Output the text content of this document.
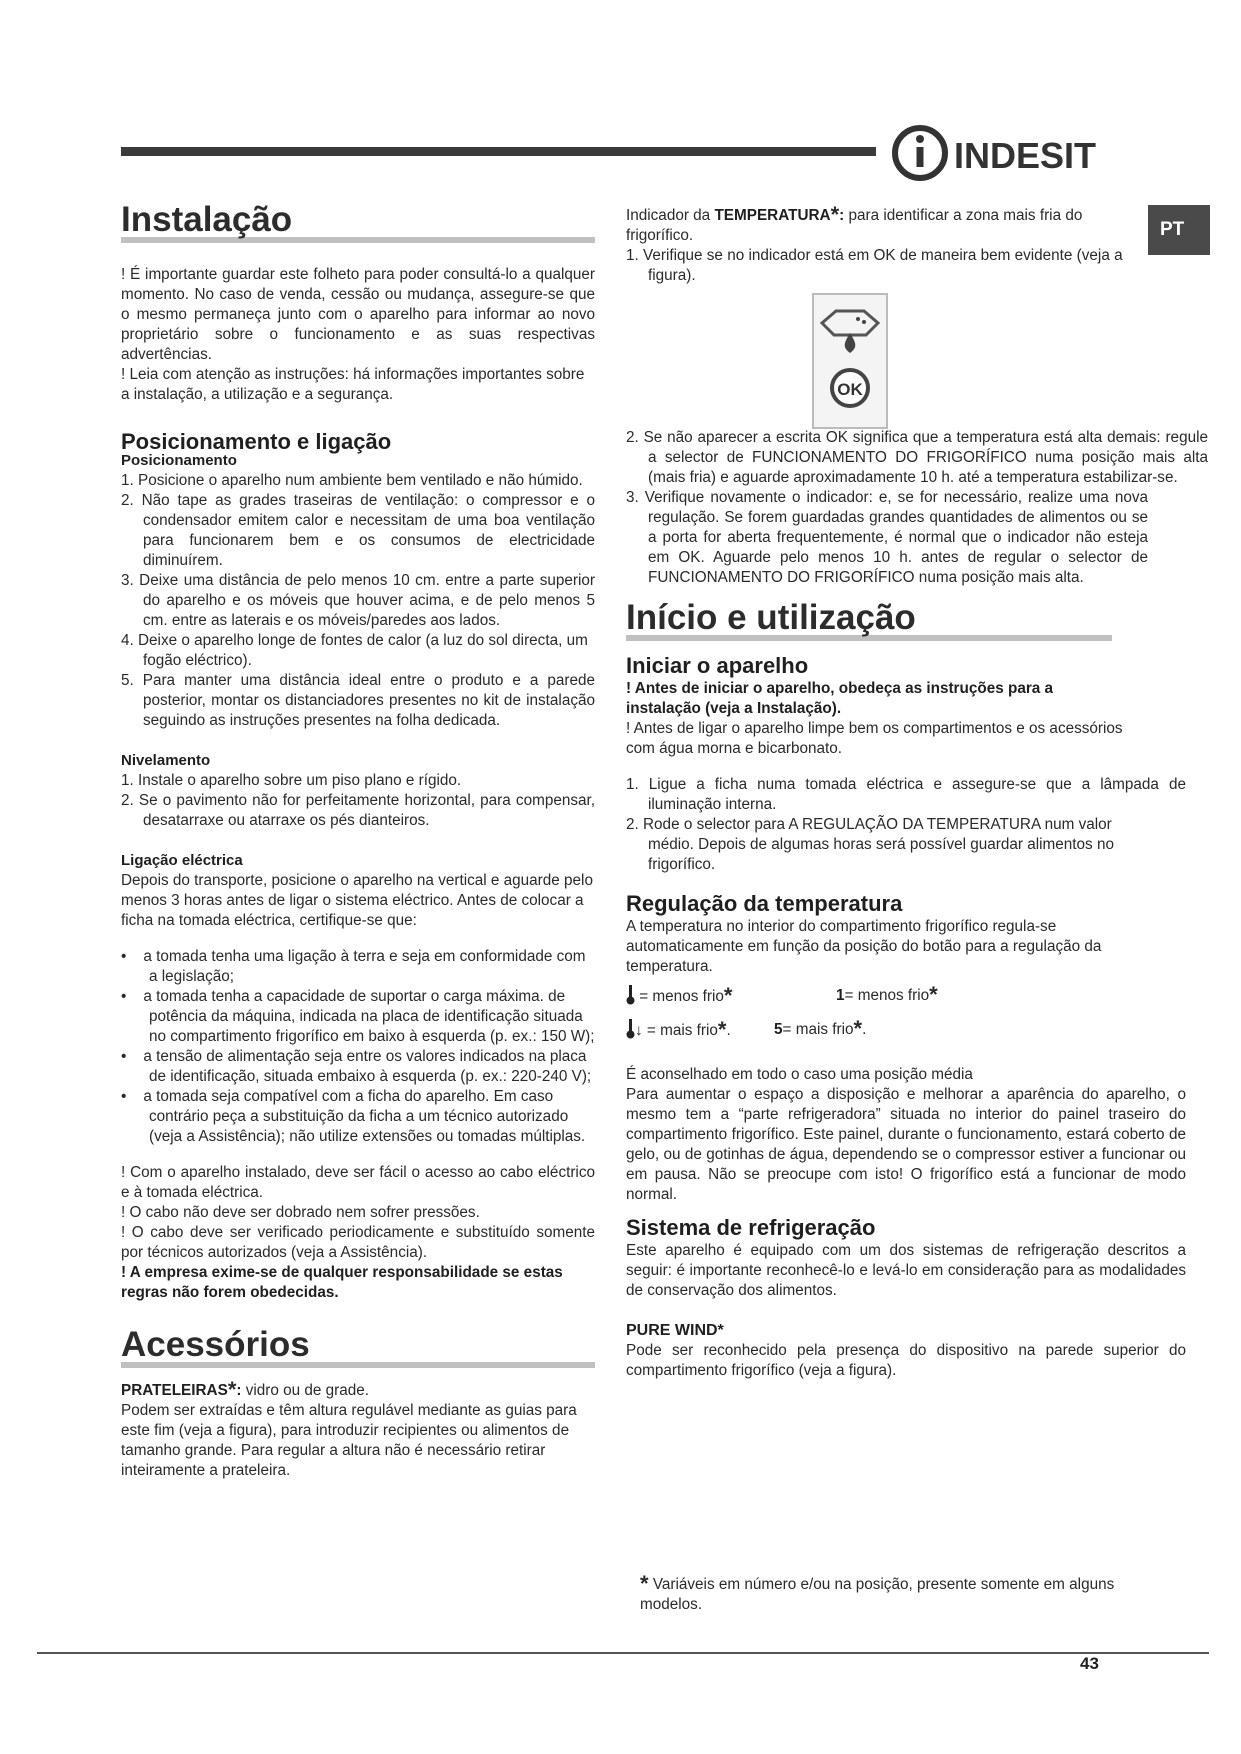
INDESIT
PT
Instalação

! É importante guardar este folheto para poder consultá-lo a qualquer momento. No caso de venda, cessão ou mudança, assegure-se que o mesmo permaneça junto com o aparelho para informar ao novo proprietário sobre o funcionamento e as suas respectivas advertências.

! Leia com atenção as instruções: há informações importantes sobre a instalação, a utilização e a segurança.

Posicionamento e ligação
Posicionamento

1. Posicione o aparelho num ambiente bem ventilado e não húmido.

2. Não tape as grades traseiras de ventilação: o compressor e o condensador emitem calor e necessitam de uma boa ventilação para funcionarem bem e os consumos de electricidade diminuírem.

3. Deixe uma distância de pelo menos 10 cm. entre a parte superior do aparelho e os móveis que houver acima, e de pelo menos 5 cm. entre as laterais e os móveis/paredes aos lados.

4. Deixe o aparelho longe de fontes de calor (a luz do sol directa, um fogão eléctrico).

5. Para manter uma distância ideal entre o produto e a parede posterior, montar os distanciadores presentes no kit de instalação seguindo as instruções presentes na folha dedicada.

Nivelamento

1. Instale o aparelho sobre um piso plano e rígido.

2. Se o pavimento não for perfeitamente horizontal, para compensar, desatarraxe ou atarraxe os pés dianteiros.

Ligação eléctrica

Depois do transporte, posicione o aparelho na vertical e aguarde pelo menos 3 horas antes de ligar o sistema eléctrico. Antes de colocar a ficha na tomada eléctrica, certifique-se que:

•    a tomada tenha uma ligação à terra e seja em conformidade com a legislação;

•    a tomada tenha a capacidade de suportar o carga máxima. de potência da máquina, indicada na placa de identificação situada no compartimento frigorífico em baixo à esquerda (p. ex.: 150 W);

•    a tensão de alimentação seja entre os valores indicados na placa de identificação, situada embaixo à esquerda (p. ex.: 220-240 V);

•    a tomada seja compatível com a ficha do aparelho. Em caso contrário peça a substituição da ficha a um técnico autorizado (veja a Assistência); não utilize extensões ou tomadas múltiplas.

! Com o aparelho instalado, deve ser fácil o acesso ao cabo eléctrico e à tomada eléctrica.

! O cabo não deve ser dobrado nem sofrer pressões.

! O cabo deve ser verificado periodicamente e substituído somente por técnicos autorizados (veja a Assistência).

! A empresa exime-se de qualquer responsabilidade se estas regras não forem obedecidas.

Acessórios

PRATELEIRAS*: vidro ou de grade.

Podem ser extraídas e têm altura regulável mediante as guias para este fim (veja a figura), para introduzir recipientes ou alimentos de tamanho grande. Para regular a altura não é necessário retirar inteiramente a prateleira.

Indicador da TEMPERATURA*: para identificar a zona mais fria do frigorífico.

1. Verifique se no indicador está em OK de maneira bem evidente (veja a figura).

OK

2. Se não aparecer a escrita OK significa que a temperatura está alta demais: regule a selector de FUNCIONAMENTO DO FRIGORÍFICO numa posição mais alta (mais fria) e aguarde aproximadamente 10 h. até a temperatura estabilizar-se.

3. Verifique novamente o indicador: e, se for necessário, realize uma nova regulação. Se forem guardadas grandes quantidades de alimentos ou se a porta for aberta frequentemente, é normal que o indicador não esteja em OK. Aguarde pelo menos 10 h. antes de regular o selector de FUNCIONAMENTO DO FRIGORÍFICO numa posição mais alta.

Início e utilização
Iniciar o aparelho

! Antes de iniciar o aparelho, obedeça as instruções para a instalação (veja a Instalação).

! Antes de ligar o aparelho limpe bem os compartimentos e os acessórios com água morna e bicarbonato.

1. Ligue a ficha numa tomada eléctrica e assegure-se que a lâmpada de iluminação interna.

2. Rode o selector para A REGULAÇÃO DA TEMPERATURA num valor médio. Depois de algumas horas será possível guardar alimentos no frigorífico.

Regulação da temperatura

A temperatura no interior do compartimento frigorífico regula-se automaticamente em função da posição do botão para a regulação da temperatura.

= menos frio*	1= menos frio*
↓ = mais frio*.	5= mais frio*.

É aconselhado em todo o caso uma posição média

Para aumentar o espaço a disposição e melhorar a aparência do aparelho, o mesmo tem a “parte refrigeradora” situada no interior do painel traseiro do compartimento frigorífico. Este painel, durante o funcionamento, estará coberto de gelo, ou de gotinhas de água, dependendo se o compressor estiver a funcionar ou em pausa. Não se preocupe com isto! O frigorífico está a funcionar de modo normal.

Sistema de refrigeração

Este aparelho é equipado com um dos sistemas de refrigeração descritos a seguir: é importante reconhecê-lo e levá-lo em consideração para as modalidades de conservação dos alimentos.

PURE WIND*

Pode ser reconhecido pela presença do dispositivo na parede superior do compartimento frigorífico (veja a figura).

* Variáveis em número e/ou na posição, presente somente em alguns modelos.

43
